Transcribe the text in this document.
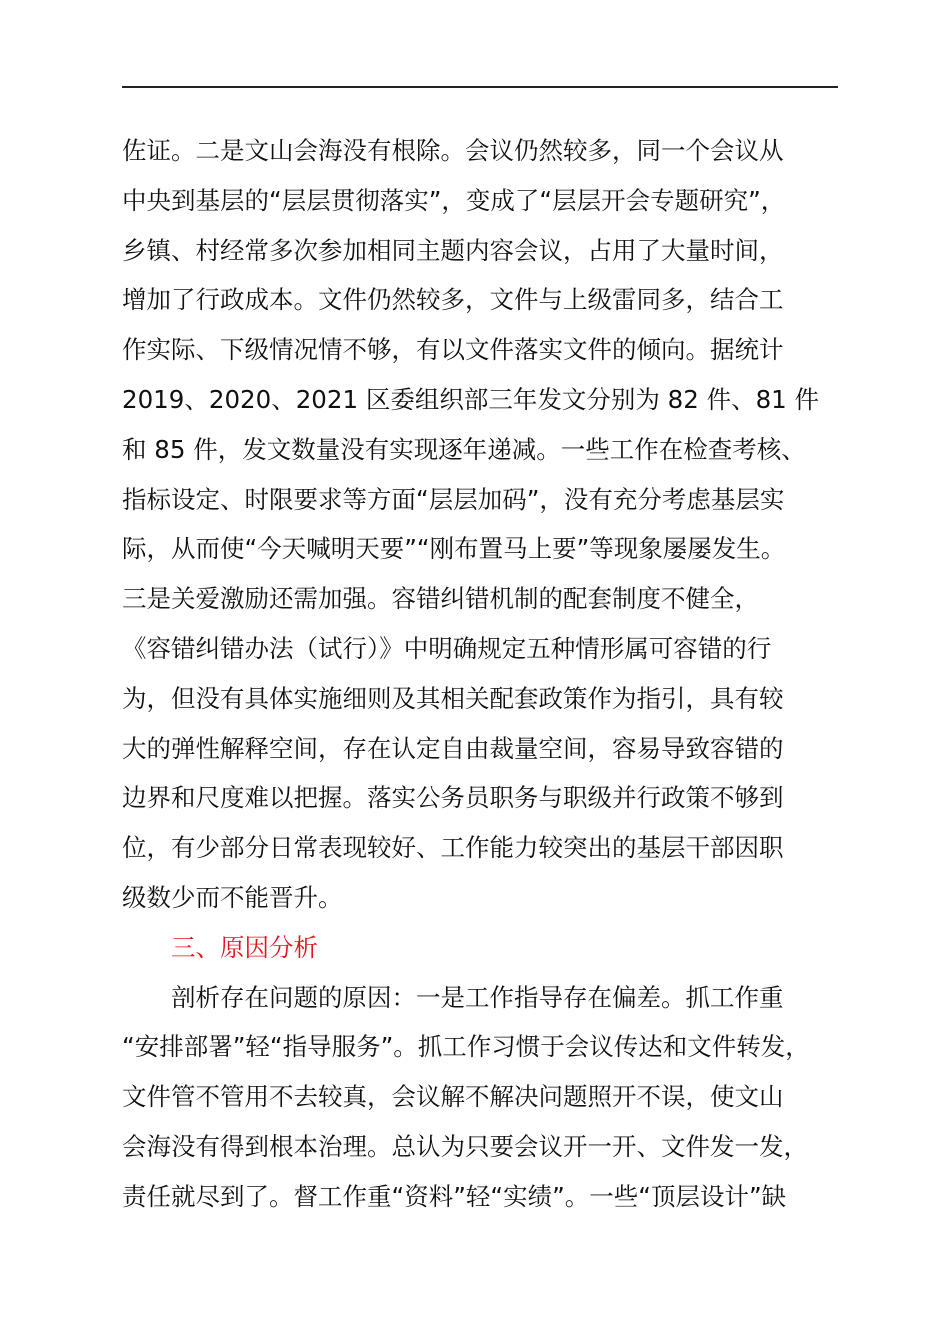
佐证。二是文山会海没有根除。会议仍然较多，同一个会议从
中央到基层的“层层贯彻落实”，变成了“层层开会专题研究”，
乡镇、村经常多次参加相同主题内容会议，占用了大量时间，
增加了行政成本。文件仍然较多，文件与上级雷同多，结合工
作实际、下级情况情不够，有以文件落实文件的倾向。据统计
2019、2020、2021 区委组织部三年发文分别为 82 件、81 件
和 85 件，发文数量没有实现逐年递减。一些工作在检查考核、
指标设定、时限要求等方面“层层加码”，没有充分考虑基层实
际，从而使“今天喊明天要”“刚布置马上要”等现象屡屡发生。
三是关爱激励还需加强。容错纠错机制的配套制度不健全，
《容错纠错办法（试行）》中明确规定五种情形属可容错的行
为，但没有具体实施细则及其相关配套政策作为指引，具有较
大的弹性解释空间，存在认定自由裁量空间，容易导致容错的
边界和尺度难以把握。落实公务员职务与职级并行政策不够到
位，有少部分日常表现较好、工作能力较突出的基层干部因职
级数少而不能晋升。
三、原因分析
剖析存在问题的原因：一是工作指导存在偏差。抓工作重
“安排部署”轻“指导服务”。抓工作习惯于会议传达和文件转发，
文件管不管用不去较真，会议解不解决问题照开不误，使文山
会海没有得到根本治理。总认为只要会议开一开、文件发一发，
责任就尽到了。督工作重“资料”轻“实绩”。一些“顶层设计”缺
